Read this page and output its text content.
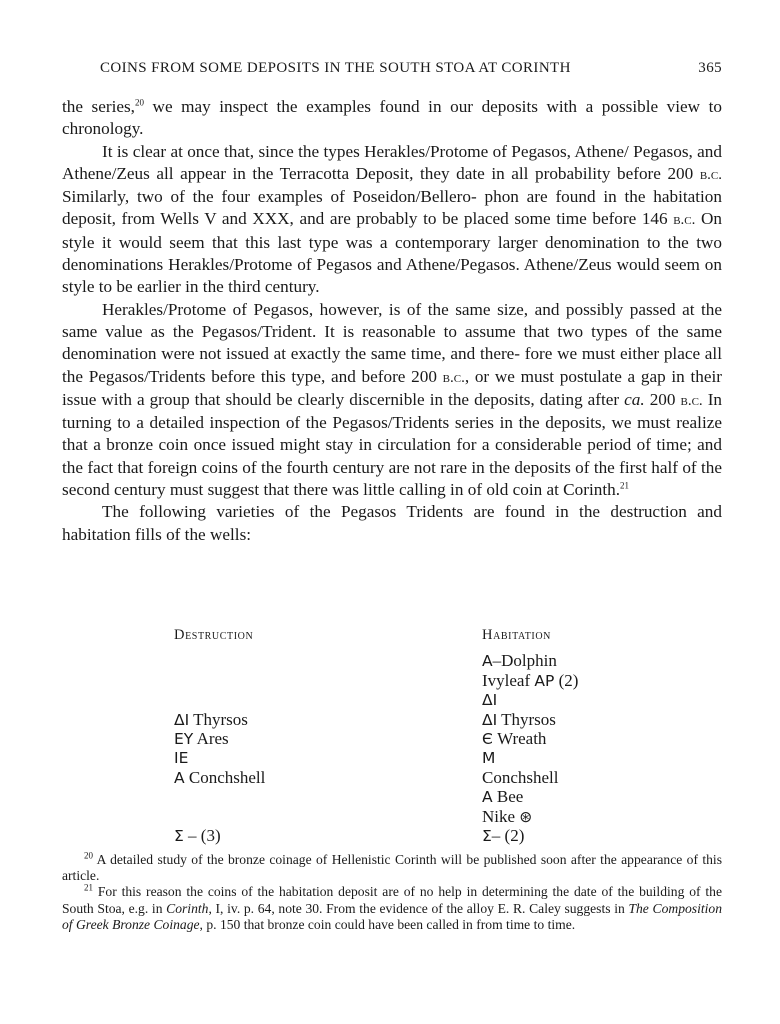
COINS FROM SOME DEPOSITS IN THE SOUTH STOA AT CORINTH	365

the series,$^{20}$ we may inspect the examples found in our deposits with a possible view to chronology.

It is clear at once that, since the types Herakles/Protome of Pegasos, Athene/ Pegasos, and Athene/Zeus all appear in the Terracotta Deposit, they date in all probability before 200 b.c. Similarly, two of the four examples of Poseidon/Bellero- phon are found in the habitation deposit, from Wells V and XXX, and are probably to be placed some time before 146 b.c. On style it would seem that this last type was a contemporary larger denomination to the two denominations Herakles/Protome of Pegasos and Athene/Pegasos. Athene/Zeus would seem on style to be earlier in the third century.

Herakles/Protome of Pegasos, however, is of the same size, and possibly passed at the same value as the Pegasos/Trident. It is reasonable to assume that two types of the same denomination were not issued at exactly the same time, and there- fore we must either place all the Pegasos/Tridents before this type, and before 200 b.c., or we must postulate a gap in their issue with a group that should be clearly discernible in the deposits, dating after ca. 200 b.c. In turning to a detailed inspection of the Pegasos/Tridents series in the deposits, we must realize that a bronze coin once issued might stay in circulation for a considerable period of time; and the fact that foreign coins of the fourth century are not rare in the deposits of the first half of the second century must suggest that there was little calling in of old coin at Corinth.$^{21}$

The following varieties of the Pegasos Tridents are found in the destruction and habitation fills of the wells:

Destruction
ΔI Thyrsos
EY Ares
IE
A Conchshell
Σ – (3)
Habitation
A–Dolphin
Ivyleaf AP (2)
ΔI
ΔI Thyrsos
Є Wreath
M
Conchshell
A Bee
Nike ⊛
Σ– (2)

$^{20}$ A detailed study of the bronze coinage of Hellenistic Corinth will be published soon after the appearance of this article.

$^{21}$ For this reason the coins of the habitation deposit are of no help in determining the date of the building of the South Stoa, e.g. in Corinth, I, iv. p. 64, note 30. From the evidence of the alloy E. R. Caley suggests in The Composition of Greek Bronze Coinage, p. 150 that bronze coin could have been called in from time to time.
